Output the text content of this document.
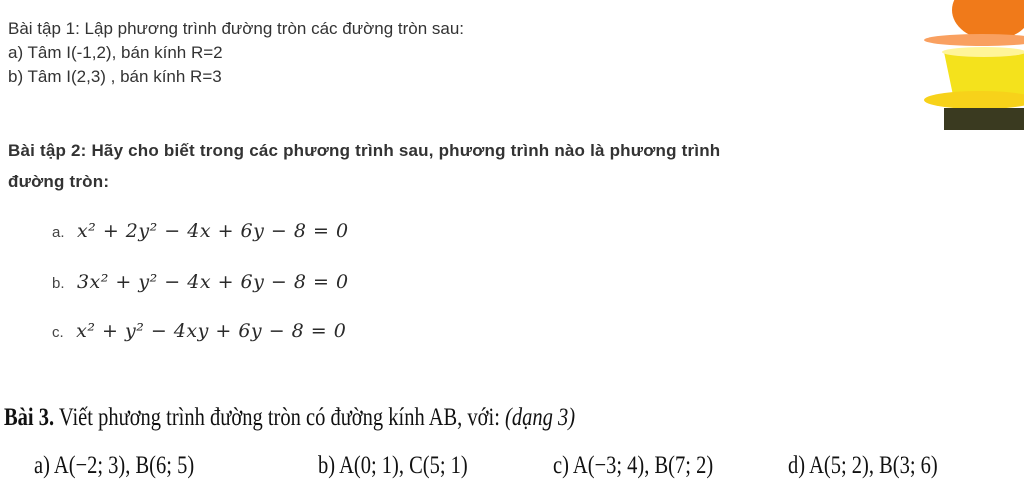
Bài tập 1: Lập phương trình đường tròn các đường tròn sau:
a) Tâm I(-1,2), bán kính R=2
b) Tâm I(2,3) , bán kính R=3
Bài tập 2: Hãy cho biết trong các phương trình sau, phương trình nào là phương trình
đường tròn:
a. x² + 2y² − 4x + 6y − 8 = 0
b. 3x² + y² − 4x + 6y − 8 = 0
c. x² + y² − 4xy + 6y − 8 = 0
Bài 3. Viết phương trình đường tròn có đường kính AB, với: (dạng 3)
a) A(−2; 3), B(6; 5)	b) A(0; 1), C(5; 1)	c) A(−3; 4), B(7; 2)	d) A(5; 2), B(3; 6)
